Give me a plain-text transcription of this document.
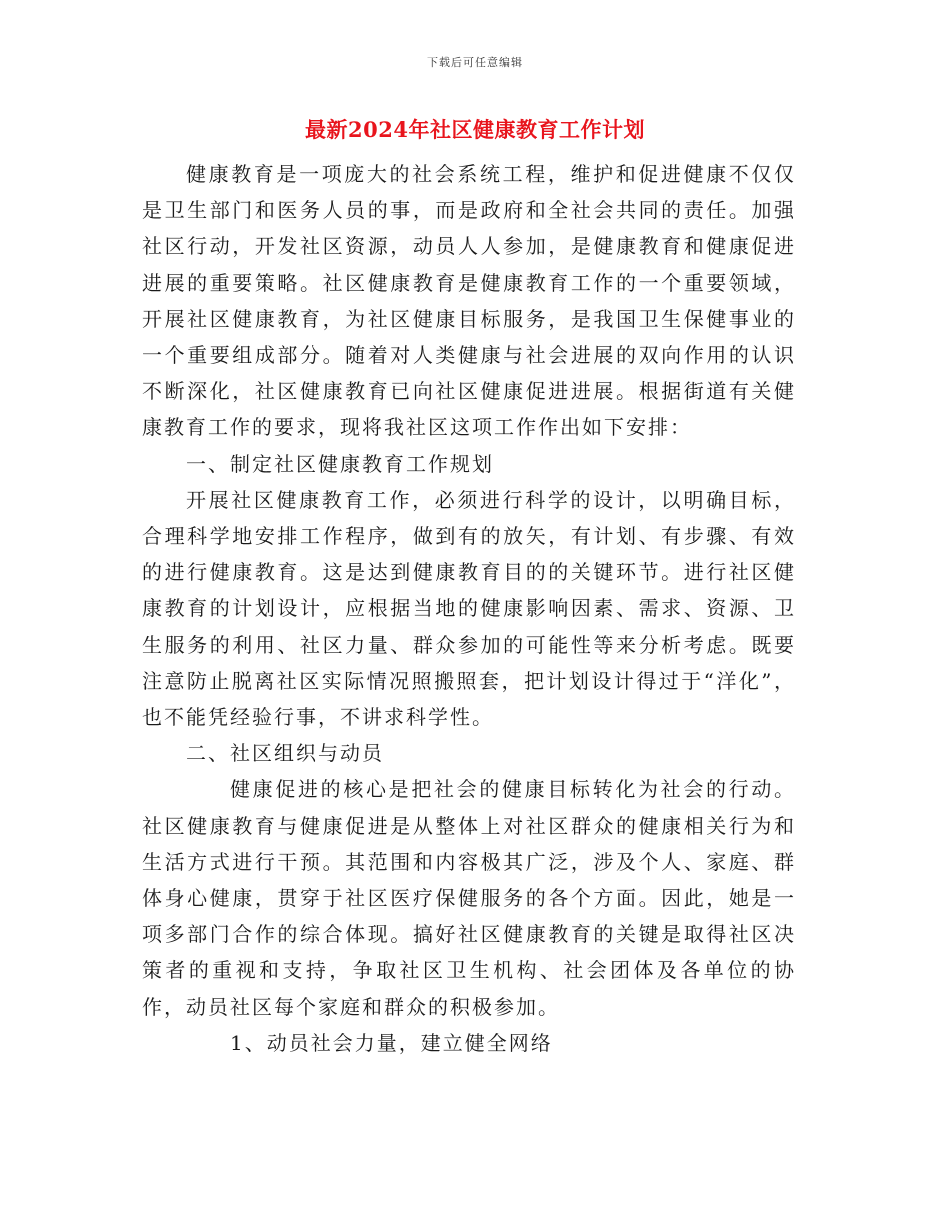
下载后可任意编辑
最新2024年社区健康教育工作计划

健康教育是一项庞大的社会系统工程，维护和促进健康不仅仅是卫生部门和医务人员的事，而是政府和全社会共同的责任。加强社区行动，开发社区资源，动员人人参加，是健康教育和健康促进进展的重要策略。社区健康教育是健康教育工作的一个重要领域，开展社区健康教育，为社区健康目标服务，是我国卫生保健事业的一个重要组成部分。随着对人类健康与社会进展的双向作用的认识不断深化，社区健康教育已向社区健康促进进展。根据街道有关健康教育工作的要求，现将我社区这项工作作出如下安排：

一、制定社区健康教育工作规划

开展社区健康教育工作，必须进行科学的设计，以明确目标，合理科学地安排工作程序，做到有的放矢，有计划、有步骤、有效的进行健康教育。这是达到健康教育目的的关键环节。进行社区健康教育的计划设计，应根据当地的健康影响因素、需求、资源、卫生服务的利用、社区力量、群众参加的可能性等来分析考虑。既要注意防止脱离社区实际情况照搬照套，把计划设计得过于“洋化”，也不能凭经验行事，不讲求科学性。

二、社区组织与动员

健康促进的核心是把社会的健康目标转化为社会的行动。社区健康教育与健康促进是从整体上对社区群众的健康相关行为和生活方式进行干预。其范围和内容极其广泛，涉及个人、家庭、群体身心健康，贯穿于社区医疗保健服务的各个方面。因此，她是一项多部门合作的综合体现。搞好社区健康教育的关键是取得社区决策者的重视和支持，争取社区卫生机构、社会团体及各单位的协作，动员社区每个家庭和群众的积极参加。

1、动员社会力量，建立健全网络
